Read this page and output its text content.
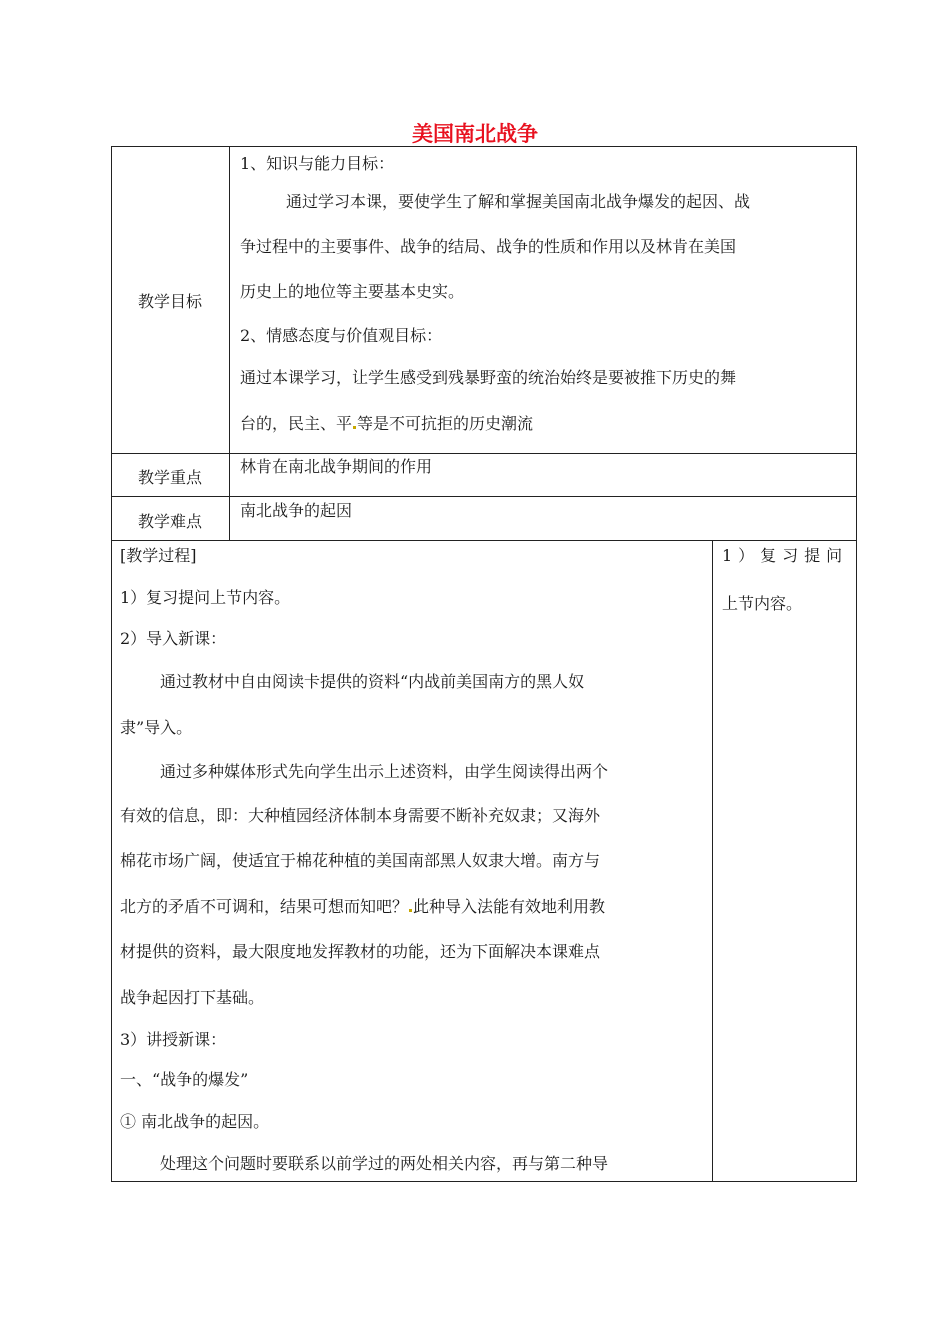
美国南北战争
教学目标
1、知识与能力目标：
通过学习本课，要使学生了解和掌握美国南北战争爆发的起因、战
争过程中的主要事件、战争的结局、战争的性质和作用以及林肯在美国
历史上的地位等主要基本史实。
2、情感态度与价值观目标：
通过本课学习，让学生感受到残暴野蛮的统治始终是要被推下历史的舞
台的，民主、平 等是不可抗拒的历史潮流
教学重点
林肯在南北战争期间的作用
教学难点
南北战争的起因
[教学过程]
1）复习提问上节内容。
2）导入新课：
通过教材中自由阅读卡提供的资料“内战前美国南方的黑人奴
隶”导入。
通过多种媒体形式先向学生出示上述资料，由学生阅读得出两个
有效的信息，即：大种植园经济体制本身需要不断补充奴隶；又海外
棉花市场广阔，使适宜于棉花种植的美国南部黑人奴隶大增。南方与
北方的矛盾不可调和，结果可想而知吧？ 此种导入法能有效地利用教
材提供的资料，最大限度地发挥教材的功能，还为下面解决本课难点
战争起因打下基础。
3）讲授新课：
一、“战争的爆发”
① 南北战争的起因。
处理这个问题时要联系以前学过的两处相关内容，再与第二种导
1）复习提问
上节内容。
